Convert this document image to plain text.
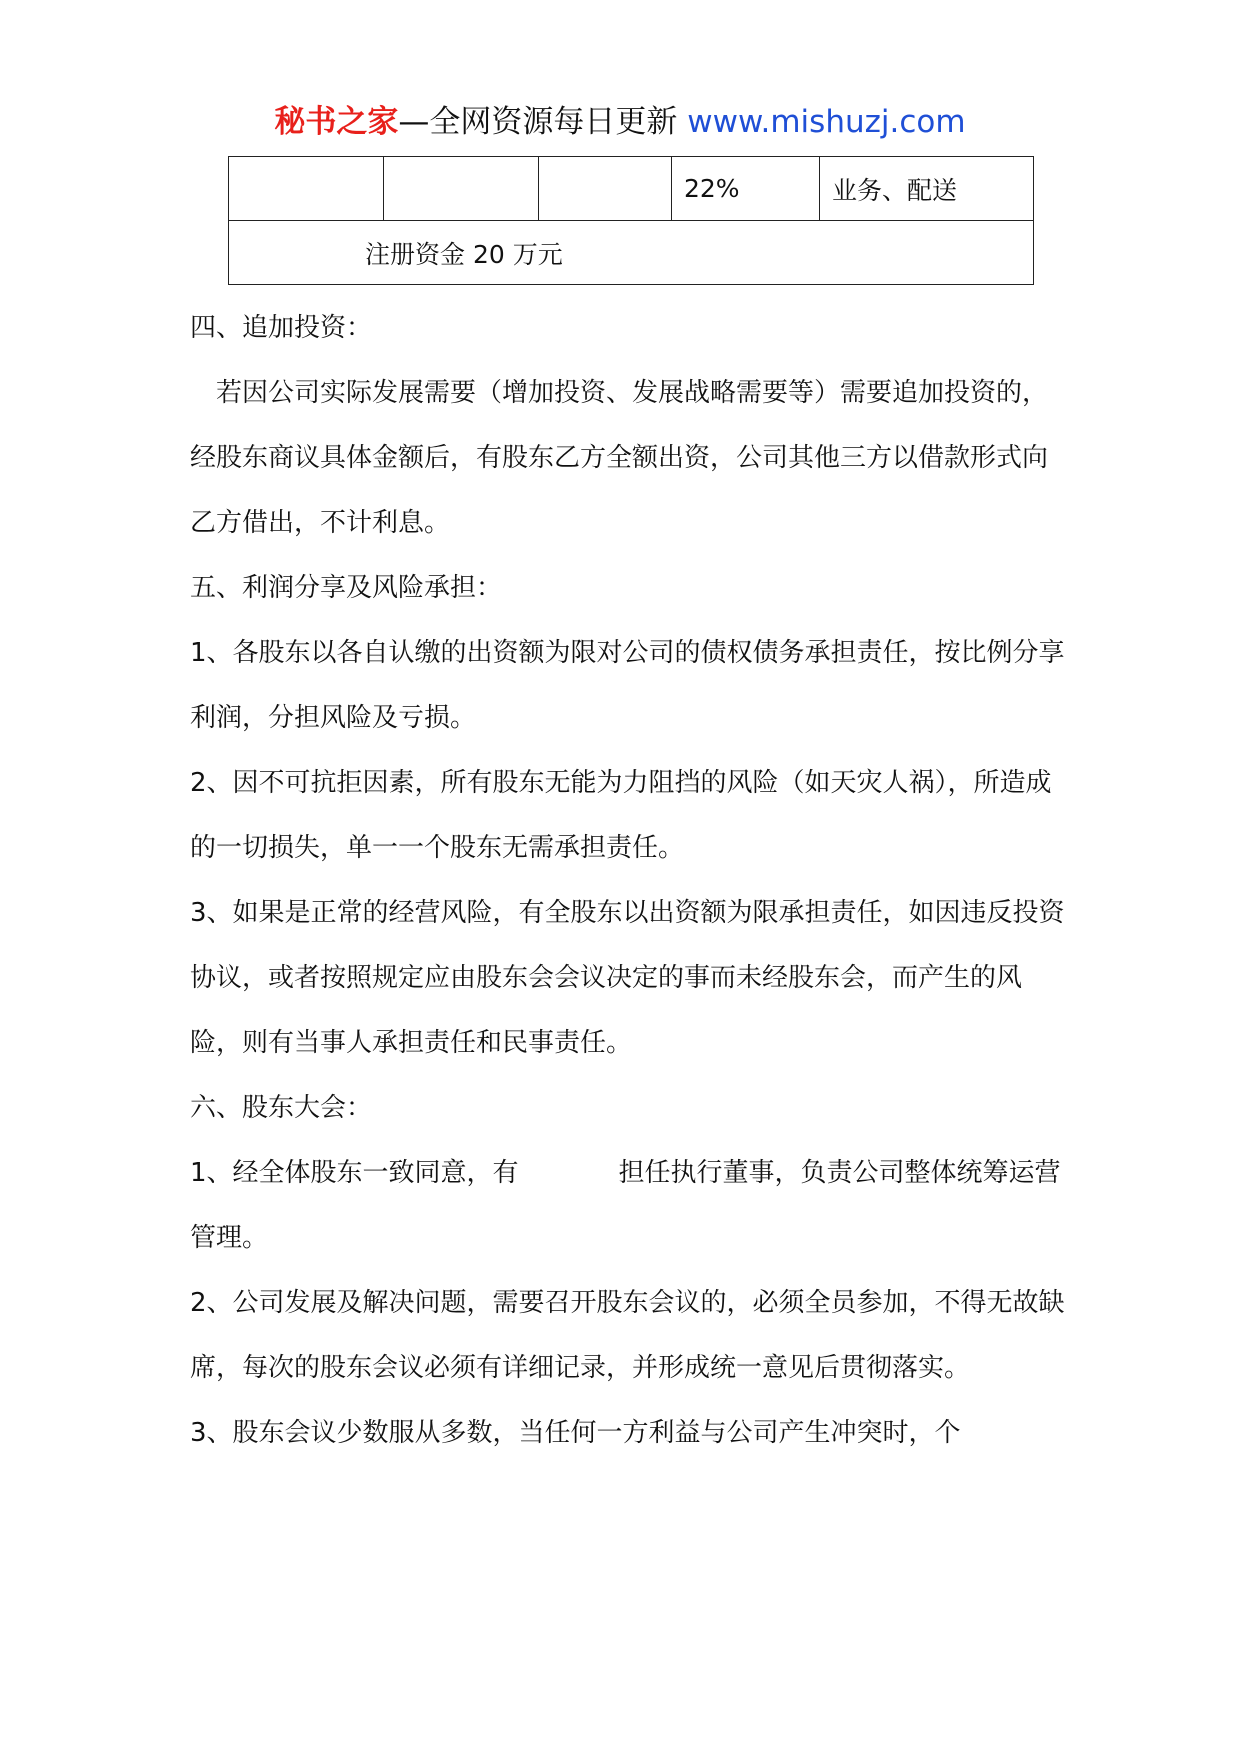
秘书之家—全网资源每日更新 www.mishuzj.com
			22%	业务、配送
注册资金 20 万元

四、追加投资：

若因公司实际发展需要（增加投资、发展战略需要等）需要追加投资的，经股东商议具体金额后，有股东乙方全额出资，公司其他三方以借款形式向乙方借出，不计利息。

五、利润分享及风险承担：

1、各股东以各自认缴的出资额为限对公司的债权债务承担责任，按比例分享利润，分担风险及亏损。

2、因不可抗拒因素，所有股东无能为力阻挡的风险（如天灾人祸），所造成的一切损失，单一一个股东无需承担责任。

3、如果是正常的经营风险，有全股东以出资额为限承担责任，如因违反投资协议，或者按照规定应由股东会会议决定的事而未经股东会，而产生的风险，则有当事人承担责任和民事责任。

六、股东大会：

1、经全体股东一致同意，有	担任执行董事，负责公司整体统筹运营管理。

2、公司发展及解决问题，需要召开股东会议的，必须全员参加，不得无故缺席，每次的股东会议必须有详细记录，并形成统一意见后贯彻落实。

3、股东会议少数服从多数，当任何一方利益与公司产生冲突时，个
